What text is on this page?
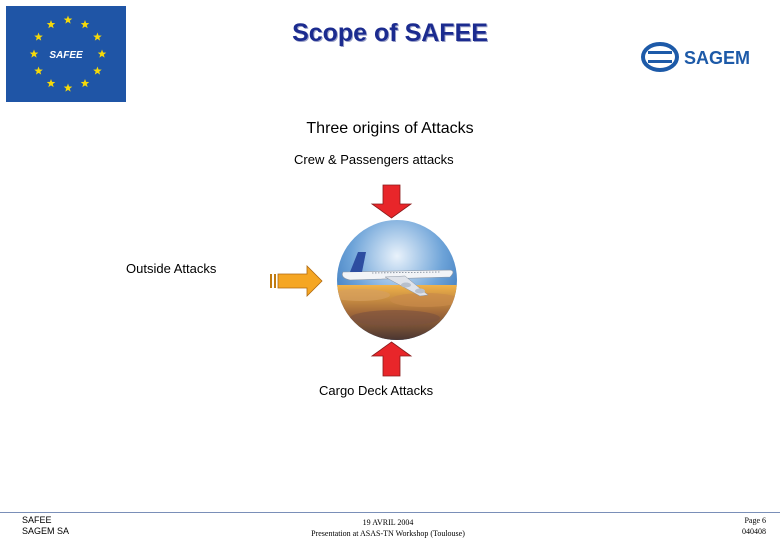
SAFEE
Scope of SAFEE
SAGEM
Three origins of Attacks
Crew & Passengers attacks
Outside Attacks
Cargo Deck Attacks
SAFEE
SAGEM SA
19 AVRIL 2004
Presentation at ASAS-TN Workshop (Toulouse)
Page 6
040408
